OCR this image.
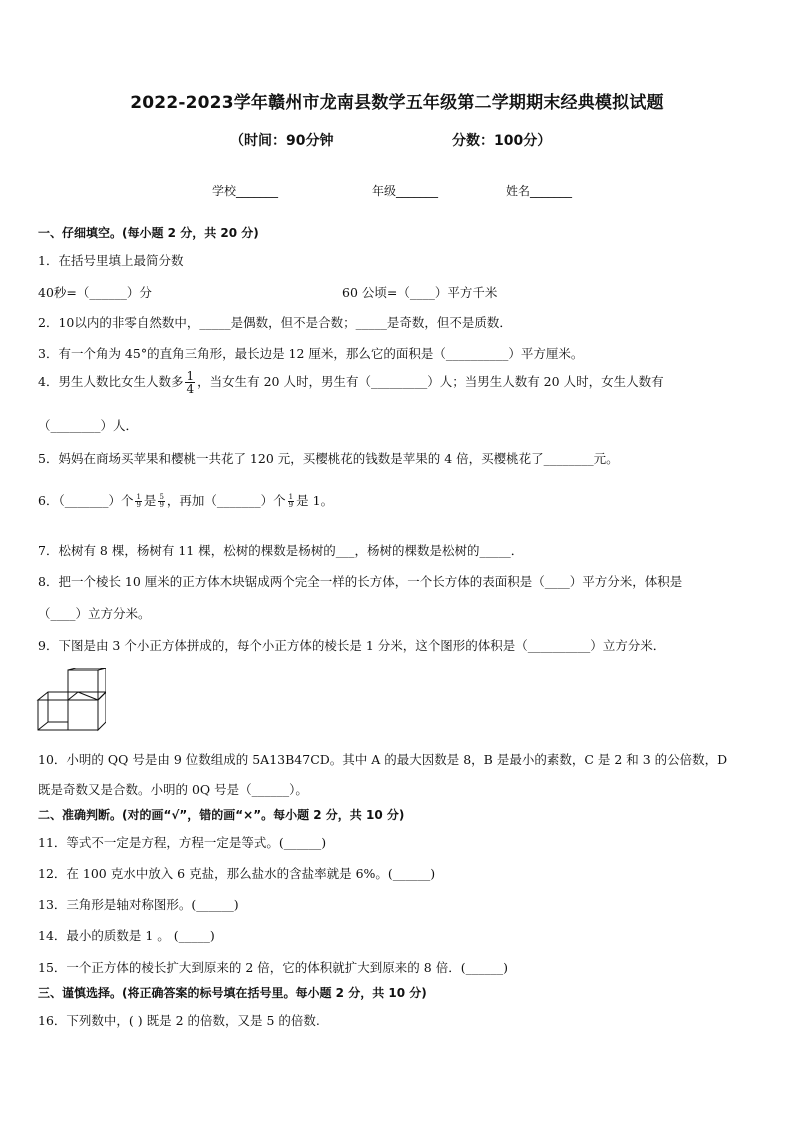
2022-2023学年赣州市龙南县数学五年级第二学期期末经典模拟试题
（时间：90分钟	分数：100分）
学校_______	年级_______	姓名_______
一、仔细填空。(每小题 2 分，共 20 分)
1．在括号里填上最简分数
40秒=（______）分	60 公顷=（____）平方千米
2．10以内的非零自然数中，_____是偶数，但不是合数；_____是奇数，但不是质数．
3．有一个角为 45°的直角三角形，最长边是 12 厘米，那么它的面积是（__________）平方厘米。
4．男生人数比女生人数多 $\frac{1}{4}$ ，当女生有 20 人时，男生有（_________）人；当男生人数有 20 人时，女生人数有
（________）人．
5．妈妈在商场买苹果和樱桃一共花了 120 元，买樱桃花的钱数是苹果的 4 倍，买樱桃花了________元。
6．（_______）个 $\frac{1}{9}$ 是 $\frac{5}{9}$ ，再加（_______）个 $\frac{1}{9}$ 是 1。
7．松树有 8 棵，杨树有 11 棵，松树的棵数是杨树的___，杨树的棵数是松树的_____．
8．把一个棱长 10 厘米的正方体木块锯成两个完全一样的长方体，一个长方体的表面积是（____）平方分米，体积是
（____）立方分米。
9．下图是由 3 个小正方体拼成的，每个小正方体的棱长是 1 分米，这个图形的体积是（__________）立方分米．
10．小明的 QQ 号是由 9 位数组成的 5A13B47CD。其中 A 的最大因数是 8，B 是最小的素数，C 是 2 和 3 的公倍数，D
既是奇数又是合数。小明的 0Q 号是（______）。
二、准确判断。(对的画“√”，错的画“×”。每小题 2 分，共 10 分)
11．等式不一定是方程，方程一定是等式。(______)
12．在 100 克水中放入 6 克盐，那么盐水的含盐率就是 6%。(______)
13．三角形是轴对称图形。(______)
14．最小的质数是 1 。 (_____)
15．一个正方体的棱长扩大到原来的 2 倍，它的体积就扩大到原来的 8 倍．(______)
三、谨慎选择。(将正确答案的标号填在括号里。每小题 2 分，共 10 分)
16．下列数中，( ) 既是 2 的倍数，又是 5 的倍数.
